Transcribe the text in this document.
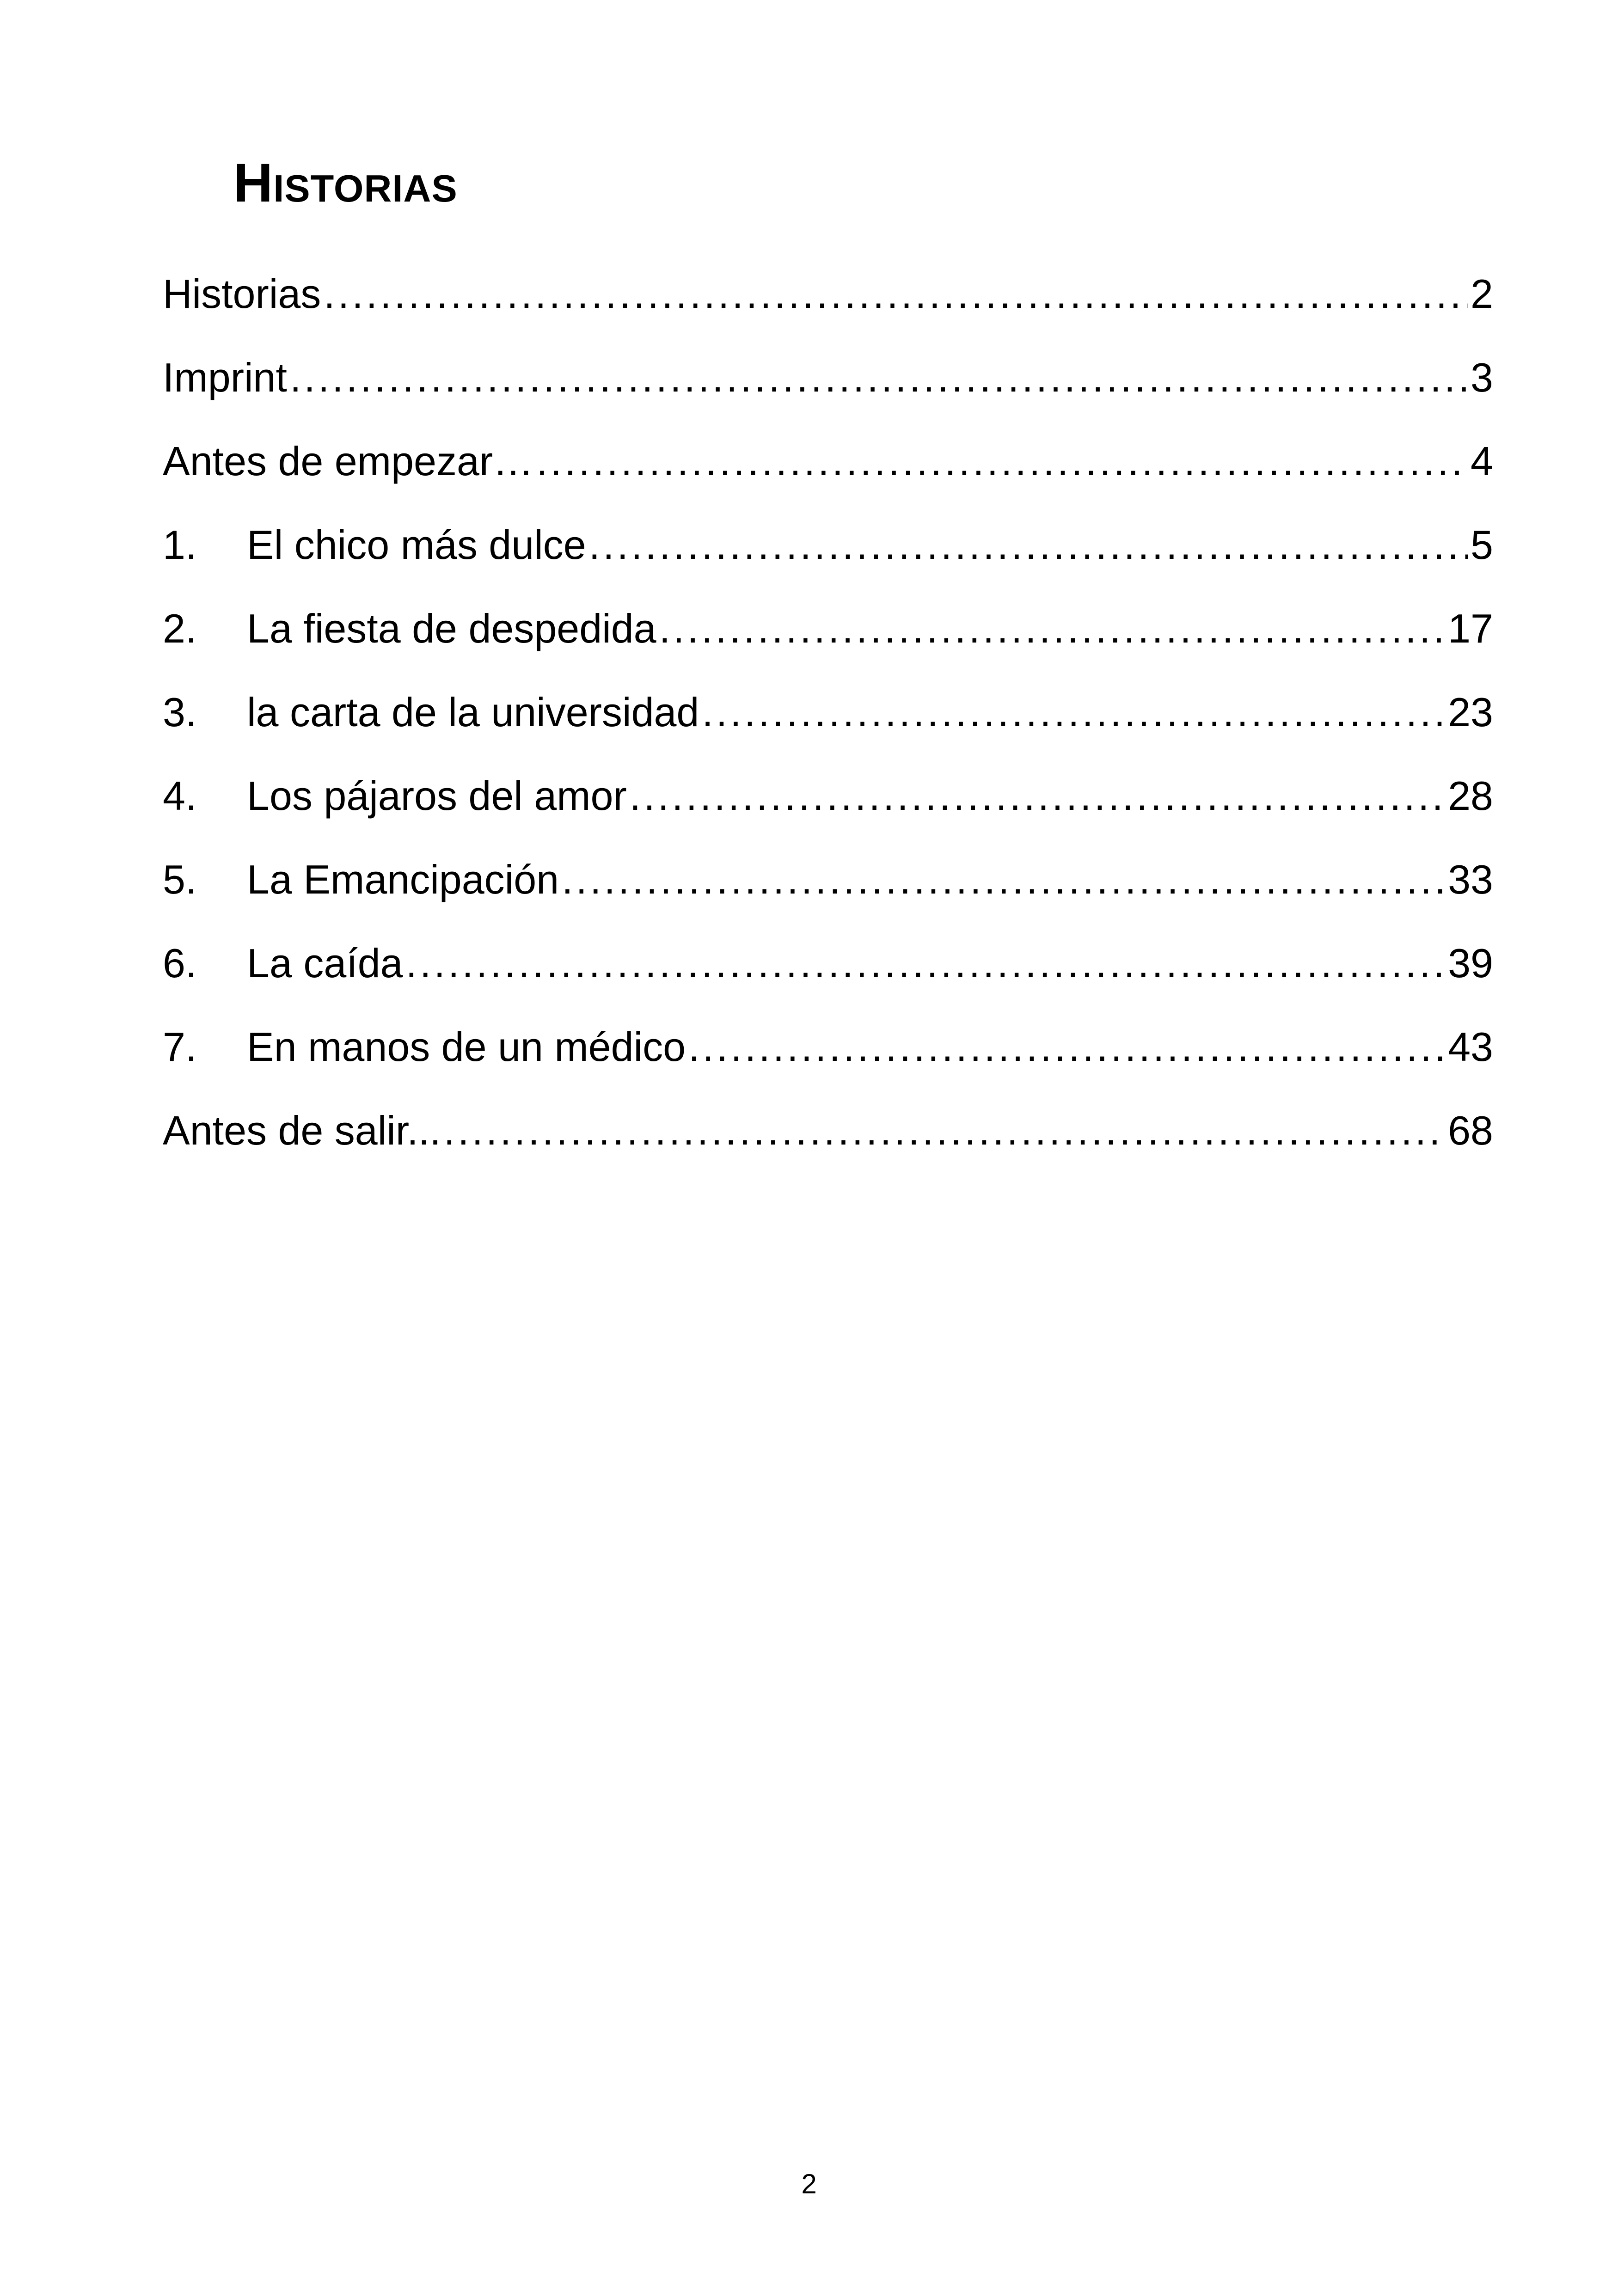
Historias
Historias .....	2
Imprint .....	3
Antes de empezar… .....	4
1.	El chico más dulce .....	5
2.	La fiesta de despedida .....	17
3.	la carta de la universidad .....	23
4.	Los pájaros del amor .....	28
5.	La Emancipación .....	33
6.	La caída .....	39
7.	En manos de un médico .....	43
Antes de salir... .....	68
2
